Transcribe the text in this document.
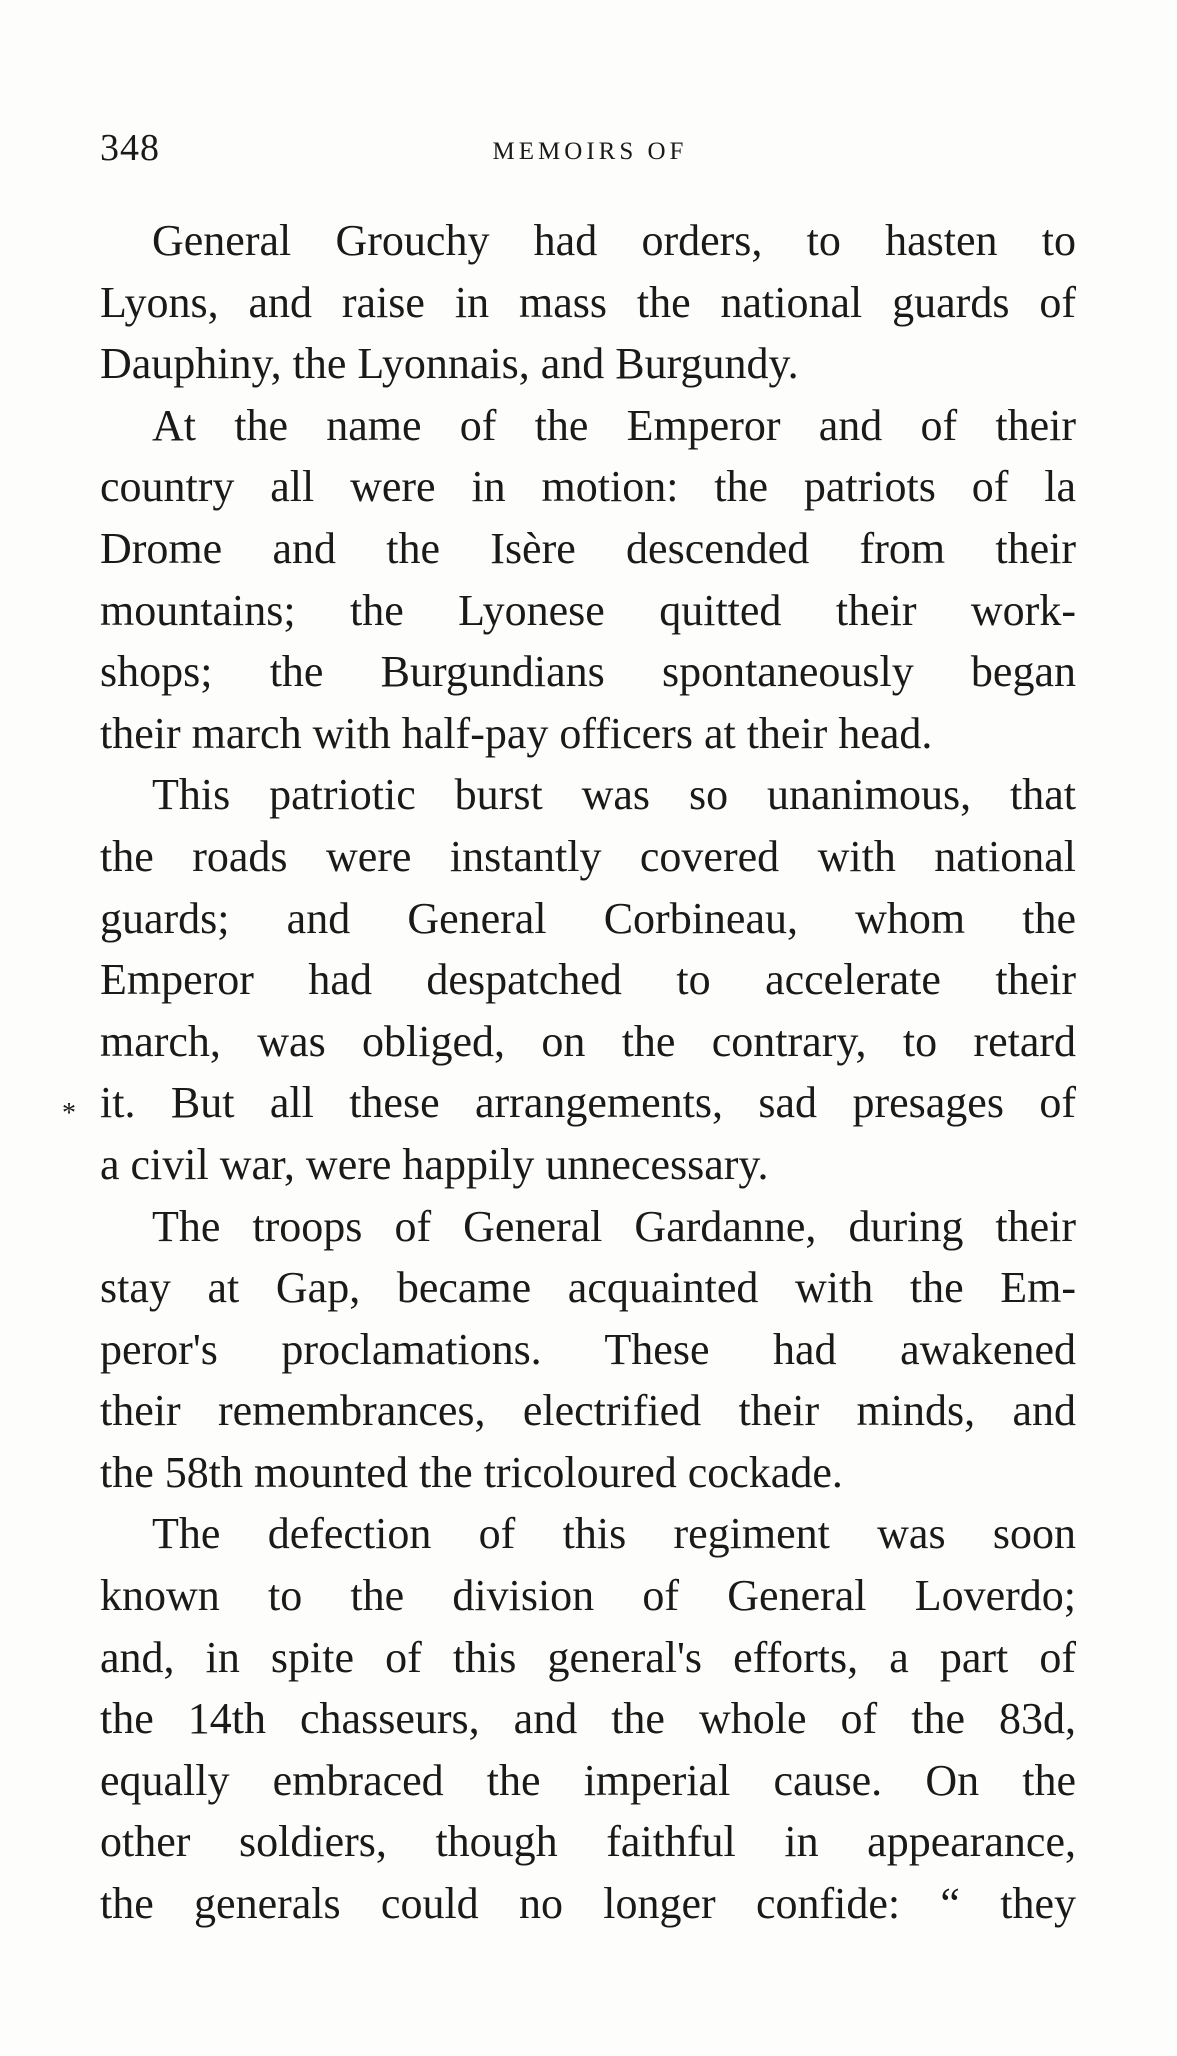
348	MEMOIRS OF
*
General Grouchy had orders, to hasten to
Lyons, and raise in mass the national guards of
Dauphiny, the Lyonnais, and Burgundy.
At the name of the Emperor and of their
country all were in motion: the patriots of la
Drome and the Isère descended from their
mountains; the Lyonese quitted their work-
shops; the Burgundians spontaneously began
their march with half-pay officers at their head.
This patriotic burst was so unanimous, that
the roads were instantly covered with national
guards; and General Corbineau, whom the
Emperor had despatched to accelerate their
march, was obliged, on the contrary, to retard
it. But all these arrangements, sad presages of
a civil war, were happily unnecessary.
The troops of General Gardanne, during their
stay at Gap, became acquainted with the Em-
peror's proclamations. These had awakened
their remembrances, electrified their minds, and
the 58th mounted the tricoloured cockade.
The defection of this regiment was soon
known to the division of General Loverdo;
and, in spite of this general's efforts, a part of
the 14th chasseurs, and the whole of the 83d,
equally embraced the imperial cause. On the
other soldiers, though faithful in appearance,
the generals could no longer confide: “ they
